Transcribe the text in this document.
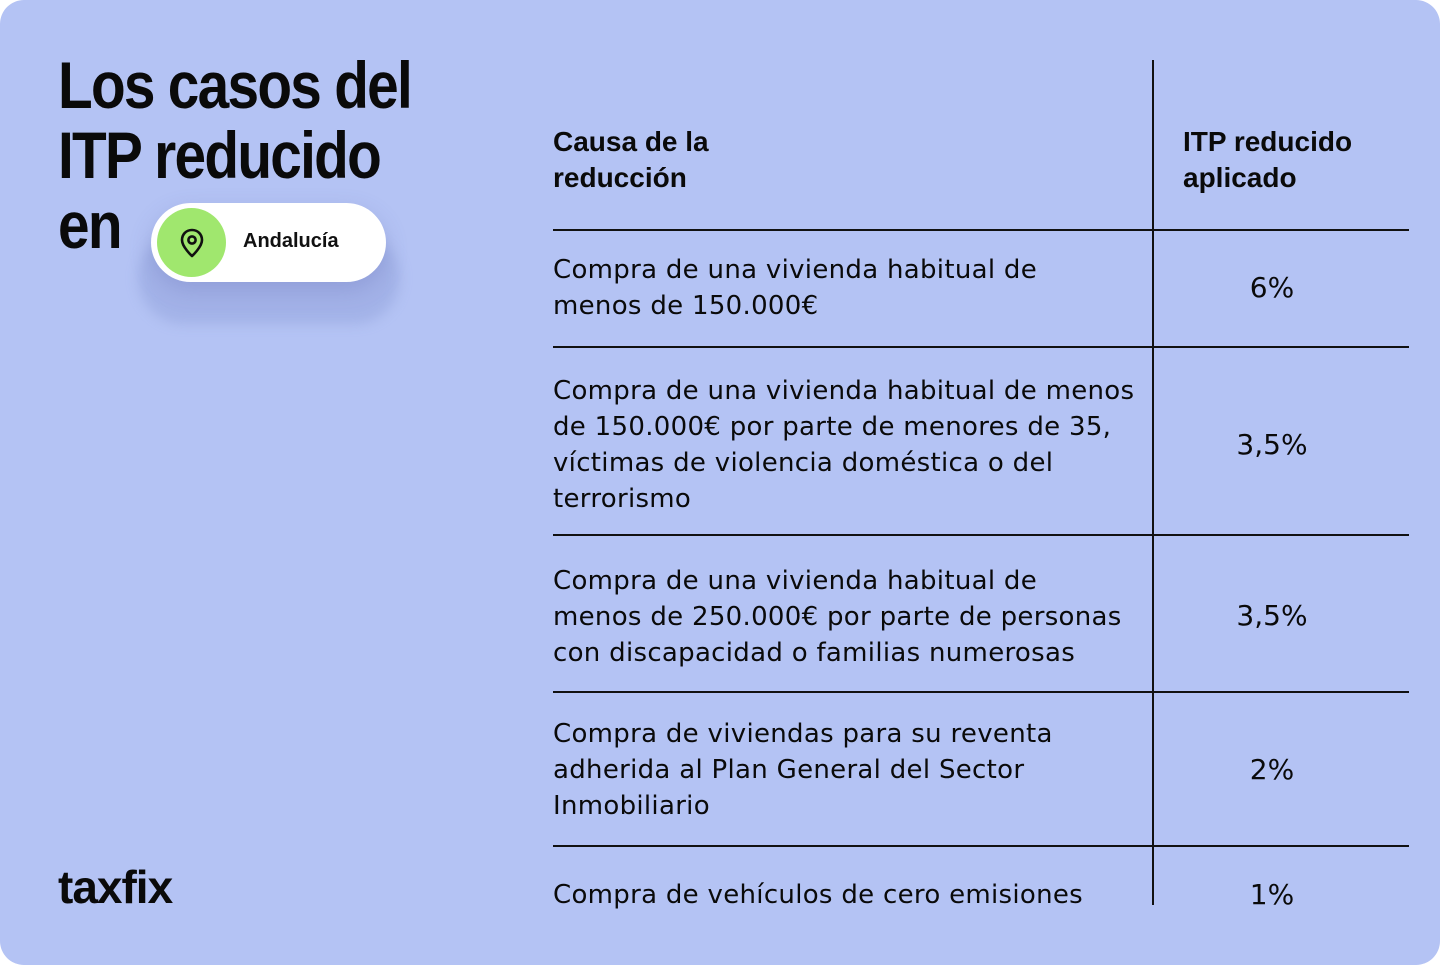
Los casos del
ITP reducido
en	Andalucía
taxfix
Causa de la
reducción
ITP reducido
aplicado
Compra de una vivienda habitual de
menos de 150.000€
6%
Compra de una vivienda habitual de menos
de 150.000€ por parte de menores de 35,
víctimas de violencia doméstica o del
terrorismo
3,5%
Compra de una vivienda habitual de
menos de 250.000€ por parte de personas
con discapacidad o familias numerosas
3,5%
Compra de viviendas para su reventa
adherida al Plan General del Sector
Inmobiliario
2%
Compra de vehículos de cero emisiones	1%
